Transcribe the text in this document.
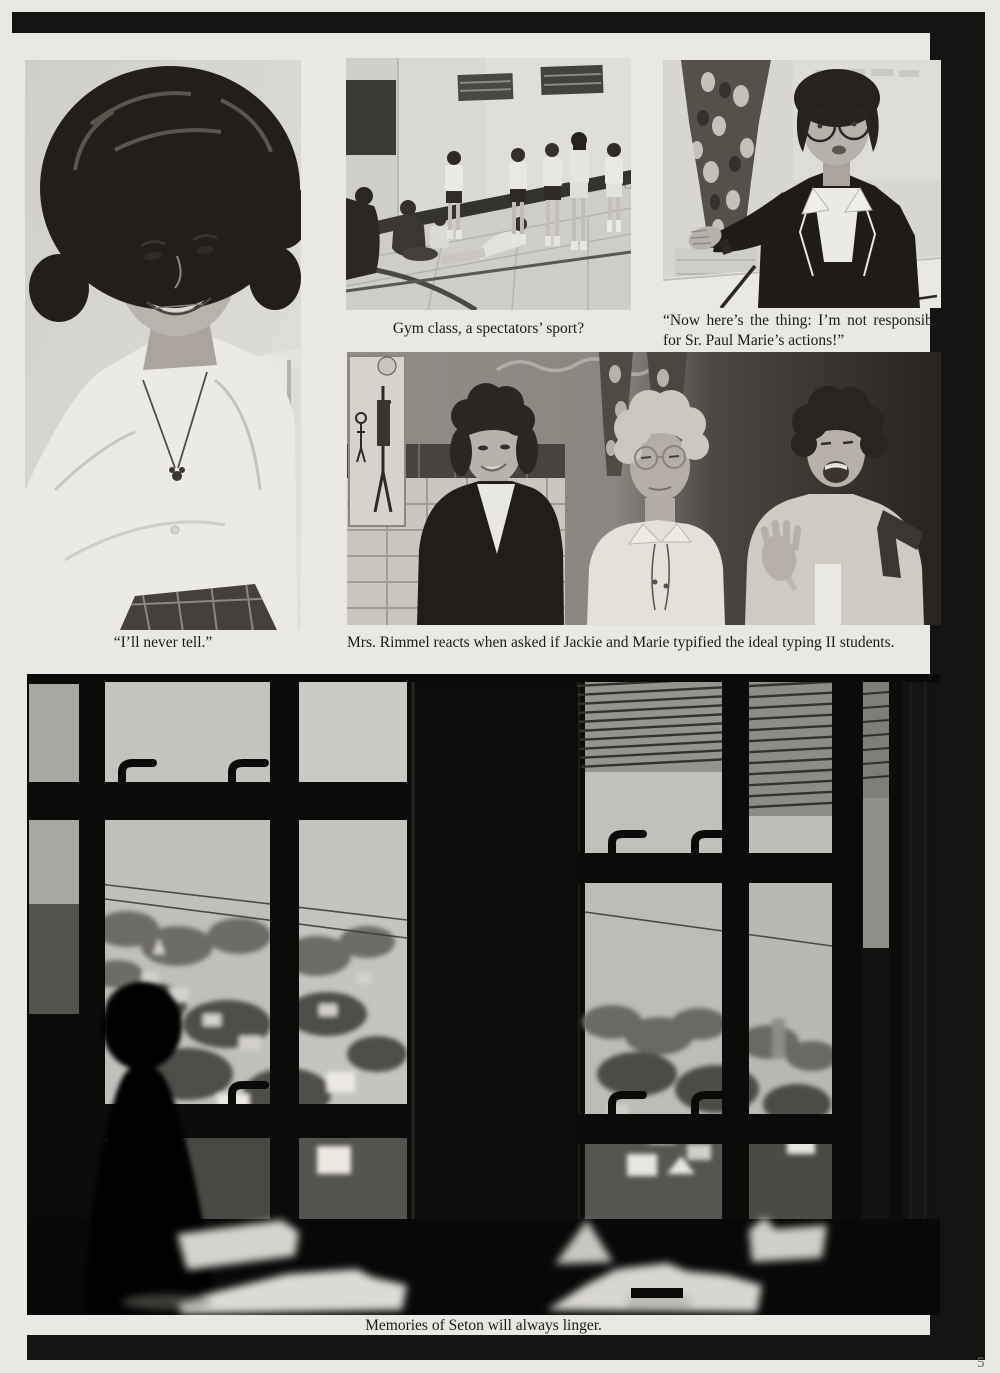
“I’ll never tell.”
3
Gym class, a spectators’ sport?	“Now here’s the thing: I’m not responsible for Sr. Paul Marie’s actions!”
Mrs. Rimmel reacts when asked if Jackie and Marie typified the ideal typing II students.
Memories of Seton will always linger.
5
